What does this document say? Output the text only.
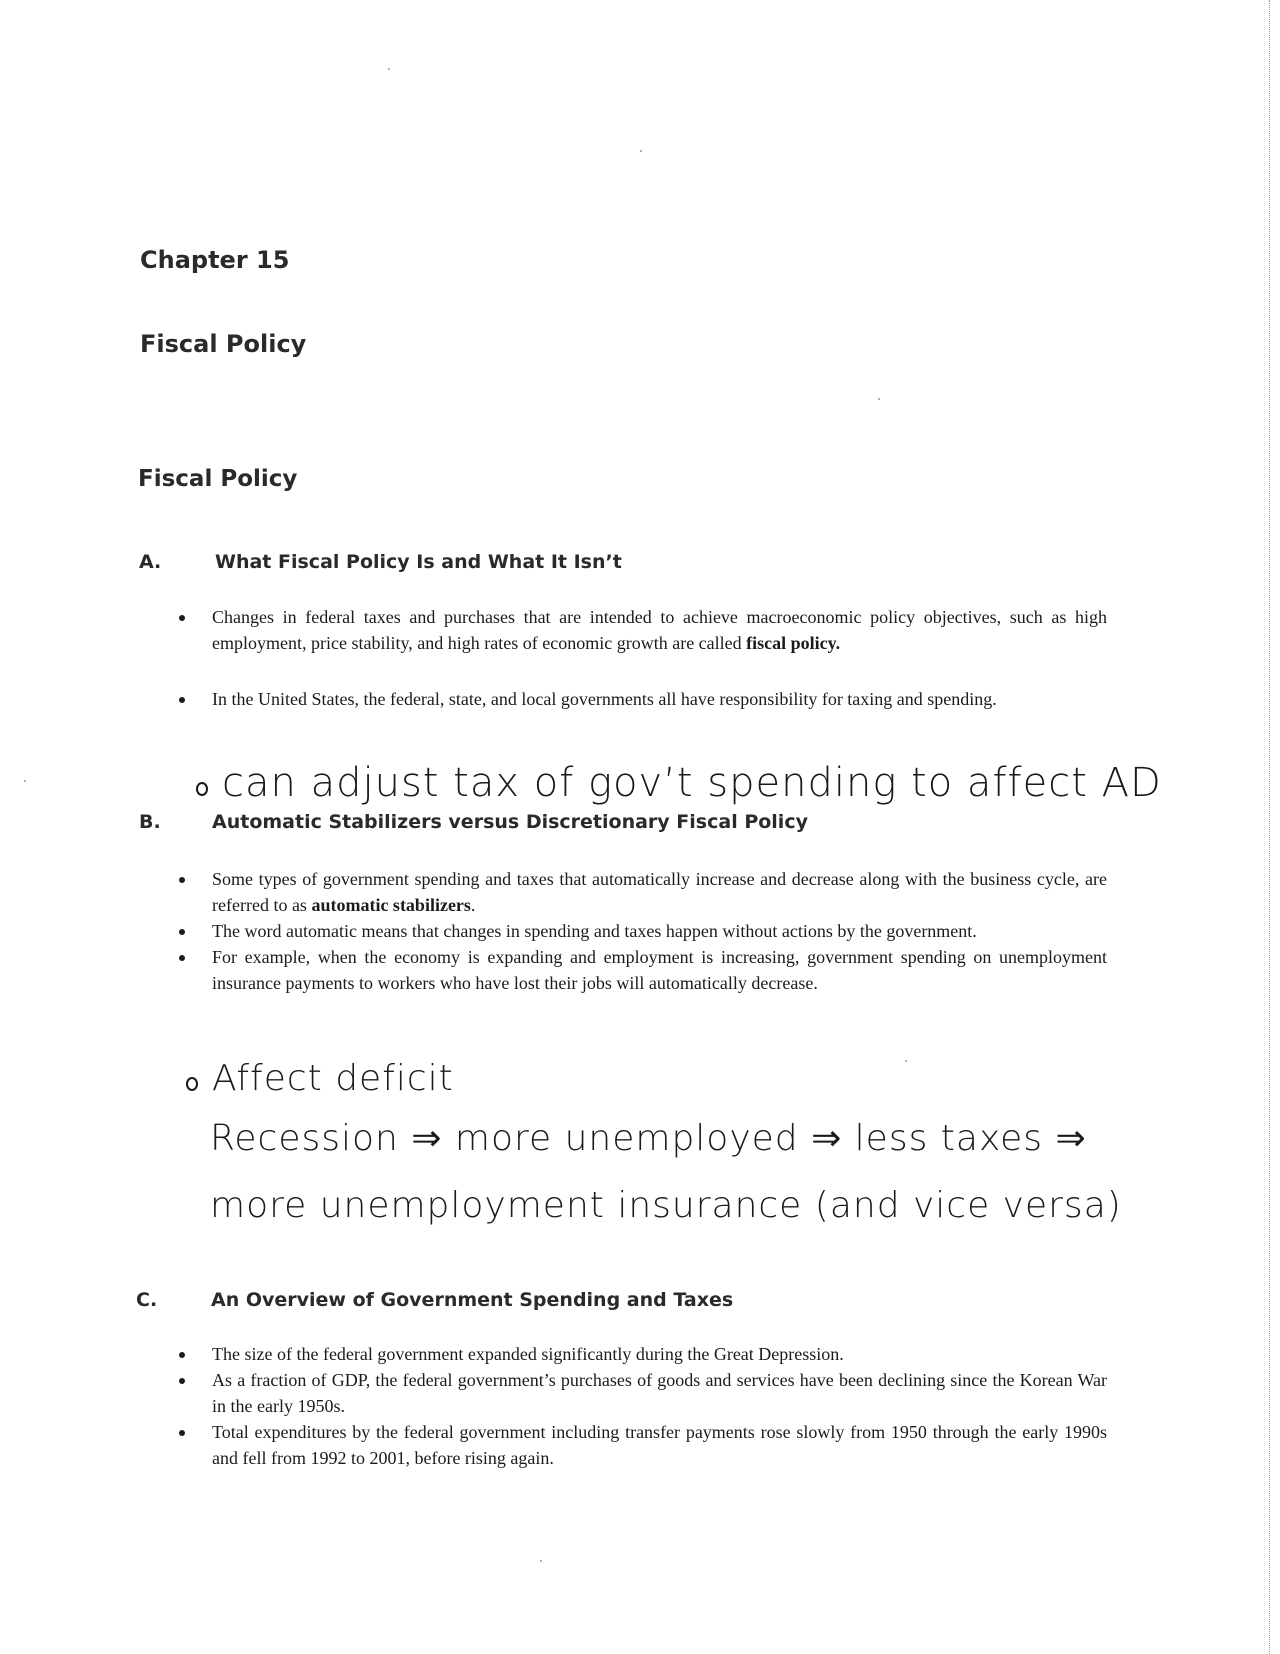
Chapter 15
Fiscal Policy
Fiscal Policy
A.	What Fiscal Policy Is and What It Isn’t
Changes in federal taxes and purchases that are intended to achieve macroeconomic policy objectives, such as high employment, price stability, and high rates of economic growth are called fiscal policy.
In the United States, the federal, state, and local governments all have responsibility for taxing and spending.
can adjust tax of gov’t spending to affect AD
B.	Automatic Stabilizers versus Discretionary Fiscal Policy
Some types of government spending and taxes that automatically increase and decrease along with the business cycle, are referred to as automatic stabilizers.
The word automatic means that changes in spending and taxes happen without actions by the government.
For example, when the economy is expanding and employment is increasing, government spending on unemployment insurance payments to workers who have lost their jobs will automatically decrease.
Affect deficit
Recession ⇒ more unemployed ⇒ less taxes ⇒
more unemployment insurance (and vice versa)
C.	An Overview of Government Spending and Taxes
The size of the federal government expanded significantly during the Great Depression.
As a fraction of GDP, the federal government’s purchases of goods and services have been declining since the Korean War in the early 1950s.
Total expenditures by the federal government including transfer payments rose slowly from 1950 through the early 1990s and fell from 1992 to 2001, before rising again.
